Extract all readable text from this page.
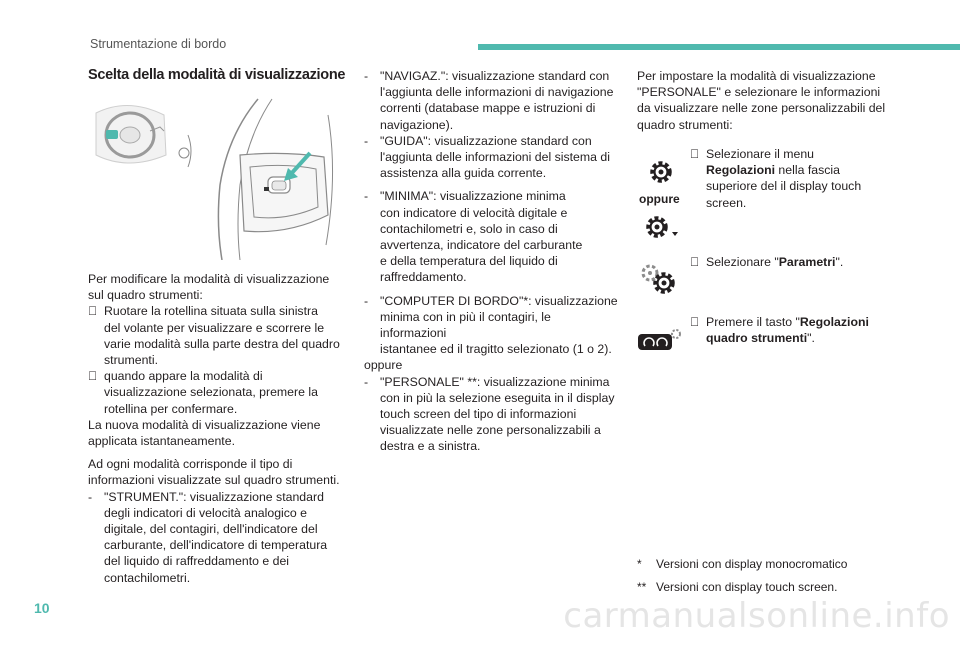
Strumentazione di bordo
Scelta della modalità di visualizzazione
Per modificare la modalità di visualizzazione
sul quadro strumenti:
Ruotare la rotellina situata sulla sinistra
del volante per visualizzare e scorrere le
varie modalità sulla parte destra del quadro
strumenti.
quando appare la modalità di
visualizzazione selezionata, premere la
rotellina per confermare.
La nuova modalità di visualizzazione viene
applicata istantaneamente.
Ad ogni modalità corrisponde il tipo di
informazioni visualizzate sul quadro strumenti.
- "STRUMENT.": visualizzazione standard
degli indicatori di velocità analogico e
digitale, del contagiri, dell'indicatore del
carburante, dell'indicatore di temperatura
del liquido di raffreddamento e dei
contachilometri.
- "NAVIGAZ.": visualizzazione standard con
l'aggiunta delle informazioni di navigazione
correnti (database mappe e istruzioni di
navigazione).
- "GUIDA": visualizzazione standard con
l'aggiunta delle informazioni del sistema di
assistenza alla guida corrente.
- "MINIMA": visualizzazione minima
con indicatore di velocità digitale e
contachilometri e, solo in caso di
avvertenza, indicatore del carburante
e della temperatura del liquido di
raffreddamento.
- "COMPUTER DI BORDO"*: visualizzazione
minima con in più il contagiri, le informazioni
istantanee ed il tragitto selezionato (1 o 2).
oppure
- "PERSONALE" **: visualizzazione minima
con in più la selezione eseguita in il display
touch screen del tipo di informazioni
visualizzate nelle zone personalizzabili a
destra e a sinistra.
Per impostare la modalità di visualizzazione
"PERSONALE" e selezionare le informazioni
da visualizzare nelle zone personalizzabili del
quadro strumenti:
oppure
Selezionare il menu
Regolazioni nella fascia
superiore del il display touch
screen.
Selezionare "Parametri".
Premere il tasto "Regolazioni
quadro strumenti".
* Versioni con display monocromatico
** Versioni con display touch screen.
10	carmanualsonline.info
